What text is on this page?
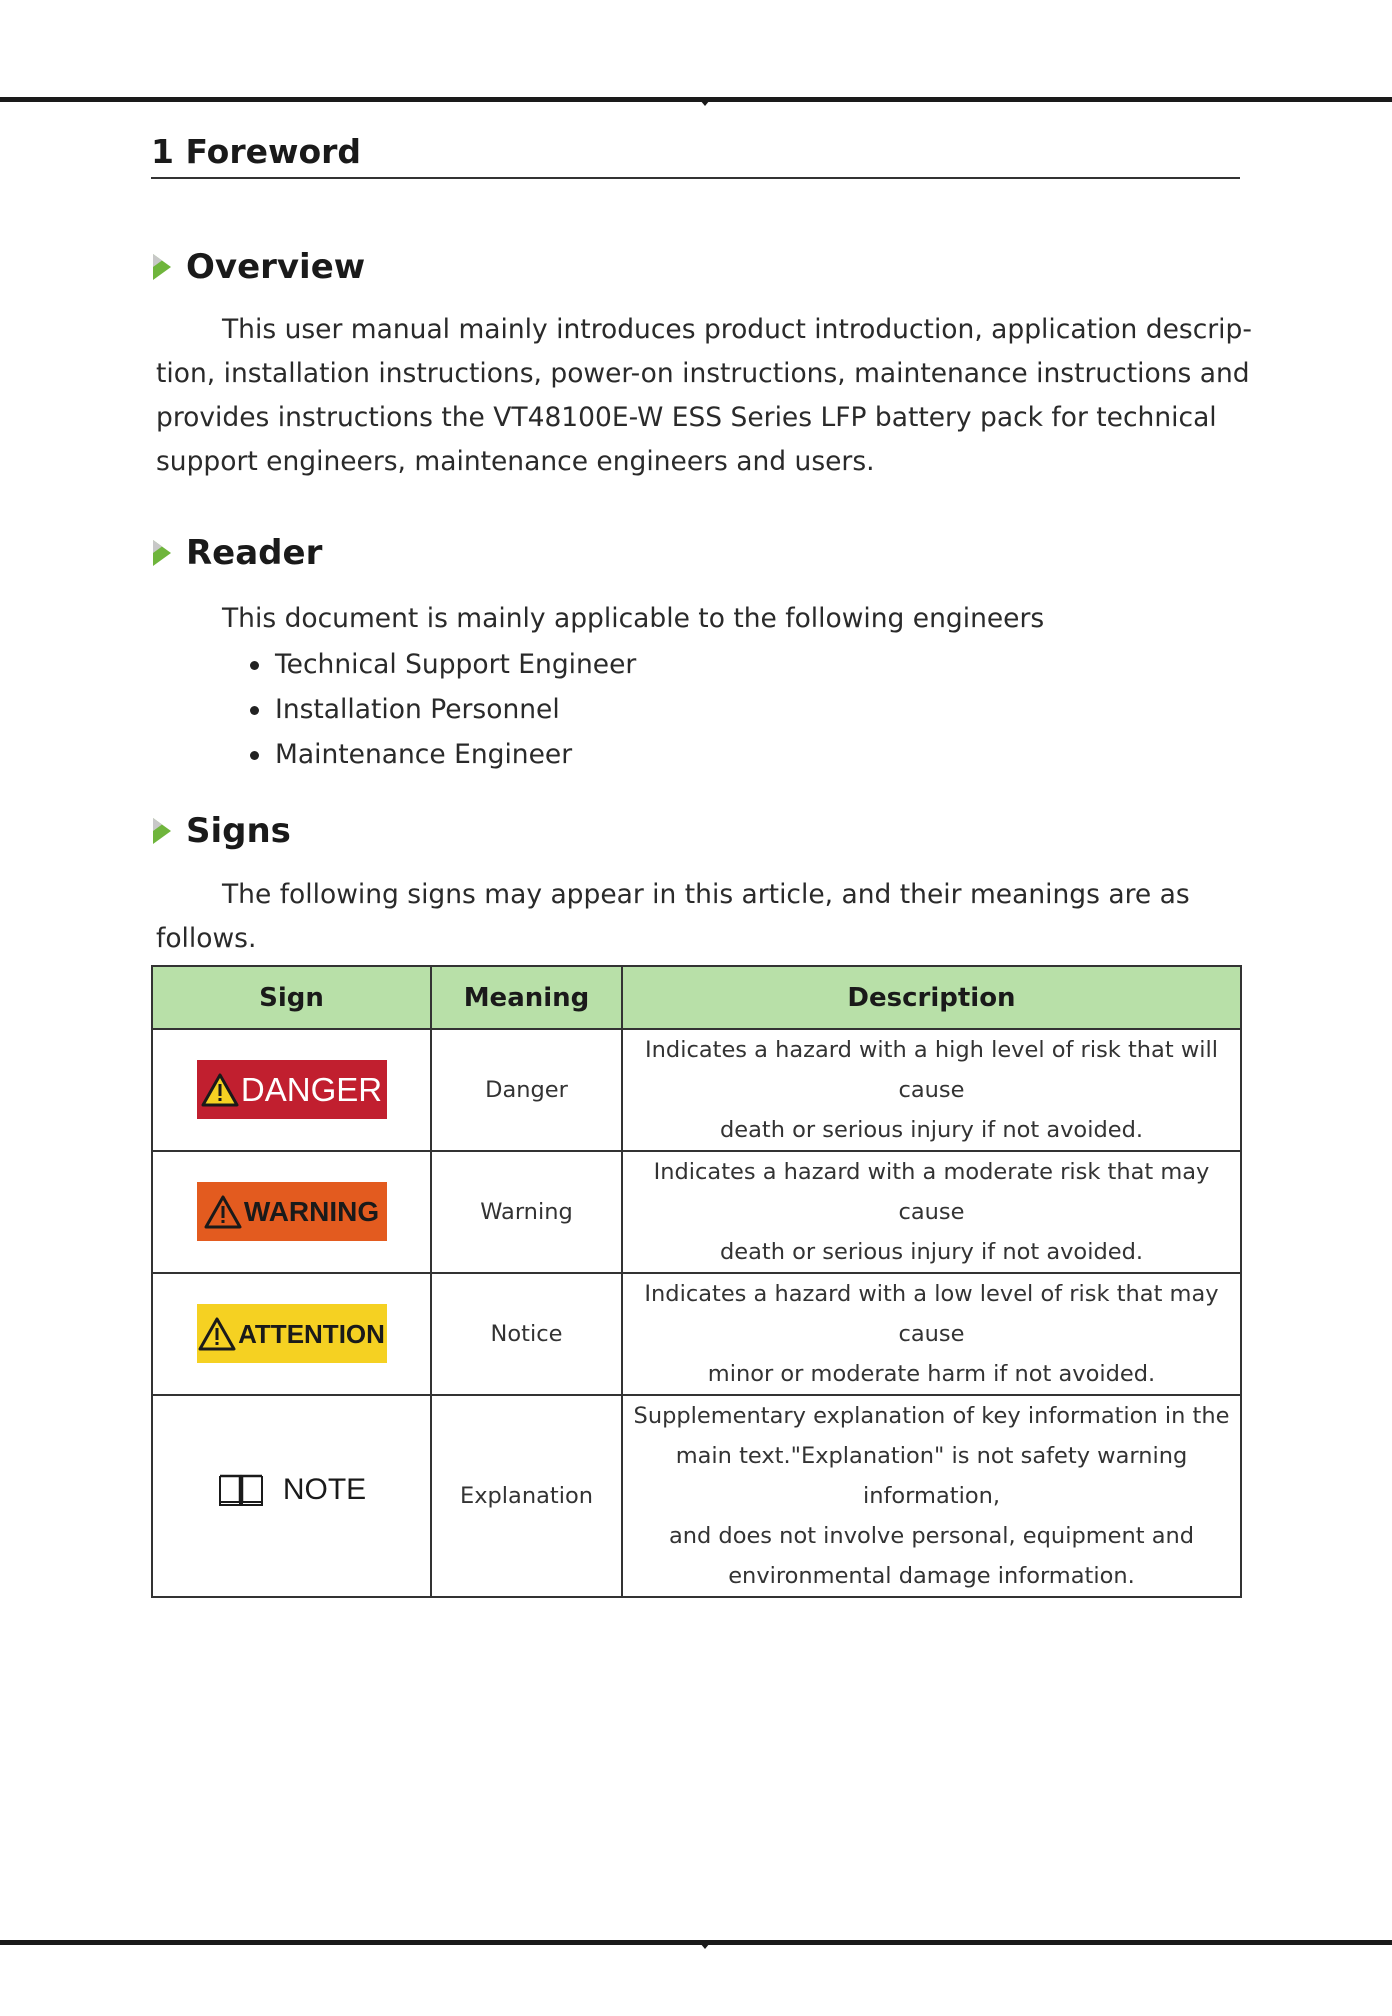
1 Foreword
Overview
This user manual mainly introduces product introduction, application descrip-
tion, installation instructions, power-on instructions, maintenance instructions and
provides instructions the VT48100E-W ESS Series LFP battery pack for technical
support engineers, maintenance engineers and users.
Reader
This document is mainly applicable to the following engineers
Technical Support Engineer
Installation Personnel
Maintenance Engineer
Signs
The following signs may appear in this article, and their meanings are as follows.
Sign	Meaning	Description

DANGER	Danger	Indicates a hazard with a high level of risk that will cause
death or serious injury if not avoided.

WARNING	Warning	Indicates a hazard with a moderate risk that may cause
death or serious injury if not avoided.

ATTENTION	Notice	Indicates a hazard with a low level of risk that may cause
minor or moderate harm if not avoided.

NOTE	Explanation	Supplementary explanation of key information in the
main text."Explanation" is not safety warning information,
and does not involve personal, equipment and
environmental damage information.
